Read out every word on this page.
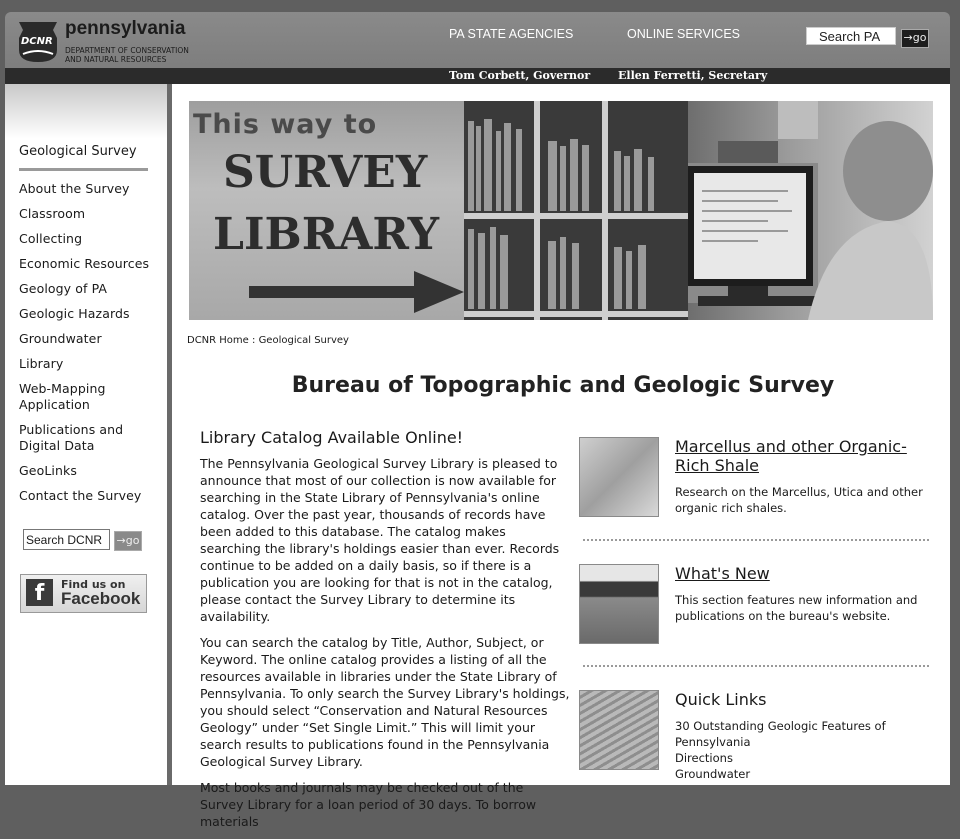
DCNR
pennsylvania
DEPARTMENT OF CONSERVATION AND NATURAL RESOURCES
PA STATE AGENCIES	ONLINE SERVICES	Search PA	→go
Tom Corbett, Governor	Ellen Ferretti, Secretary
Geological Survey
About the Survey
Classroom
Collecting
Economic Resources
Geology of PA
Geologic Hazards
Groundwater
Library
Web-Mapping Application
Publications and Digital Data
GeoLinks
Contact the Survey
Search DCNR	→go
f	Find us on
Facebook
This way to
SURVEY
LIBRARY
DCNR Home : Geological Survey
Bureau of Topographic and Geologic Survey
Library Catalog Available Online!

The Pennsylvania Geological Survey Library is pleased to announce that most of our collection is now available for searching in the State Library of Pennsylvania's online catalog. Over the past year, thousands of records have been added to this database. The catalog makes searching the library's holdings easier than ever. Records continue to be added on a daily basis, so if there is a publication you are looking for that is not in the catalog, please contact the Survey Library to determine its availability.

You can search the catalog by Title, Author, Subject, or Keyword. The online catalog provides a listing of all the resources available in libraries under the State Library of Pennsylvania. To only search the Survey Library's holdings, you should select “Conservation and Natural Resources Geology” under “Set Single Limit.” This will limit your search results to publications found in the Pennsylvania Geological Survey Library.

Most books and journals may be checked out of the Survey Library for a loan period of 30 days. To borrow materials

Marcellus and other Organic-Rich Shale
Research on the Marcellus, Utica and other organic rich shales.
What's New
This section features new information and publications on the bureau's website.
Quick Links
30 Outstanding Geologic Features of Pennsylvania
Directions
Groundwater
